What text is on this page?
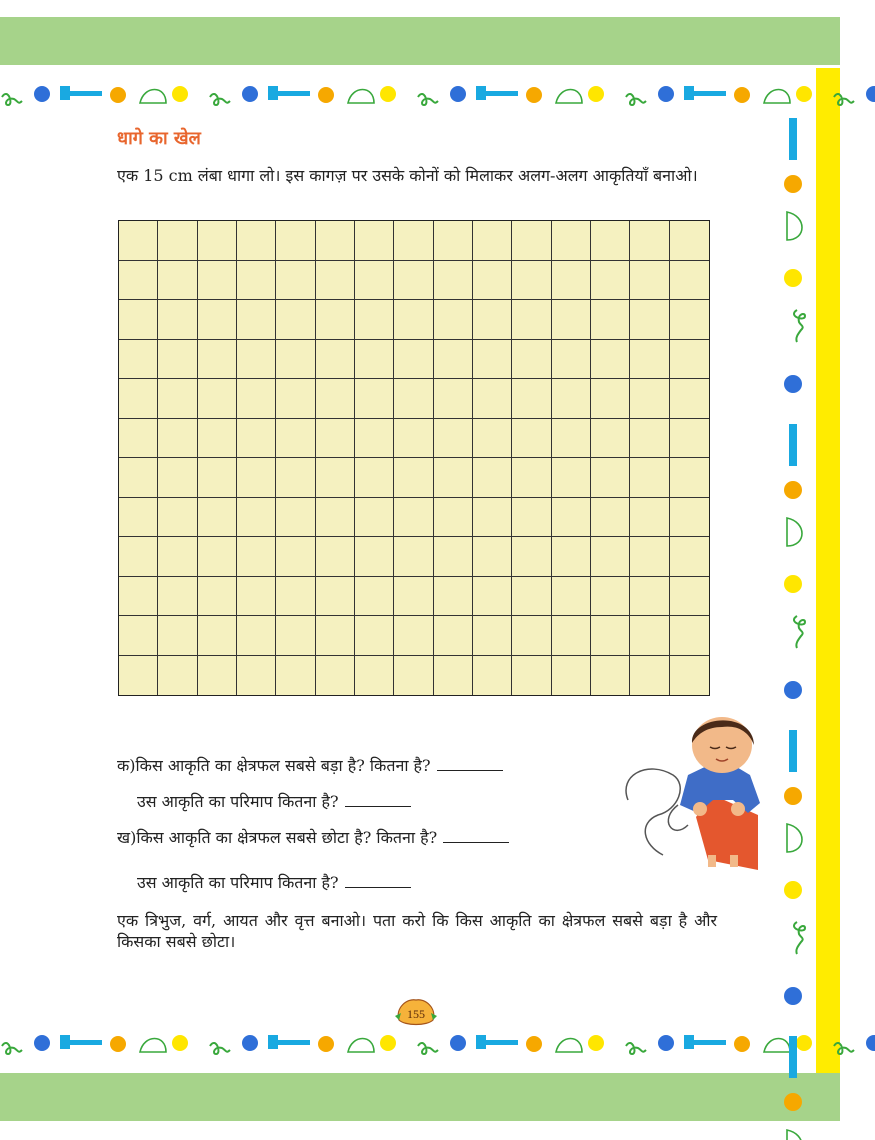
धागे का खेल
एक 15 cm लंबा धागा लो। इस कागज़ पर उसके कोनों को मिलाकर अलग-अलग आकृतियाँ बनाओ।
क)किस आकृति का क्षेत्रफल सबसे बड़ा है? कितना है?
उस आकृति का परिमाप कितना है?
ख)किस आकृति का क्षेत्रफल सबसे छोटा है? कितना है?
उस आकृति का परिमाप कितना है?
एक त्रिभुज, वर्ग, आयत और वृत्त बनाओ। पता करो कि किस आकृति का क्षेत्रफल सबसे बड़ा है और किसका सबसे छोटा।
155
